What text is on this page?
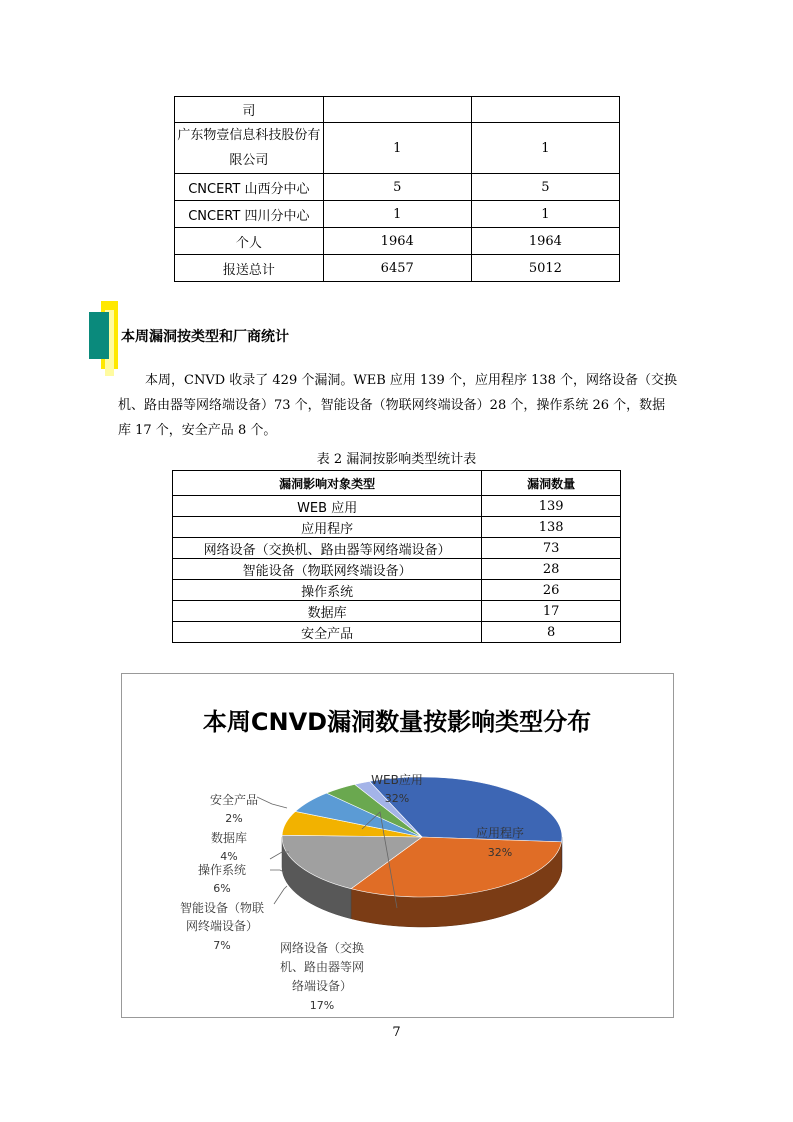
司		
广东物壹信息科技股份有限公司	1	1
CNCERT 山西分中心	5	5
CNCERT 四川分中心	1	1
个人	1964	1964
报送总计	6457	5012
本周漏洞按类型和厂商统计
本周，CNVD 收录了 429 个漏洞。WEB 应用 139 个，应用程序 138 个，网络设备（交换机、路由器等网络端设备）73 个，智能设备（物联网终端设备）28 个，操作系统 26 个，数据库 17 个，安全产品 8 个。
表 2 漏洞按影响类型统计表
漏洞影响对象类型	漏洞数量
WEB 应用	139
应用程序	138
网络设备（交换机、路由器等网络端设备）	73
智能设备（物联网终端设备）	28
操作系统	26
数据库	17
安全产品	8
本周CNVD漏洞数量按影响类型分布
WEB应用
32%
应用程序
32%
网络设备（交换
机、路由器等网
络端设备）
17%
智能设备（物联
网终端设备）
7%
操作系统
6%
数据库
4%
安全产品
2%
7
